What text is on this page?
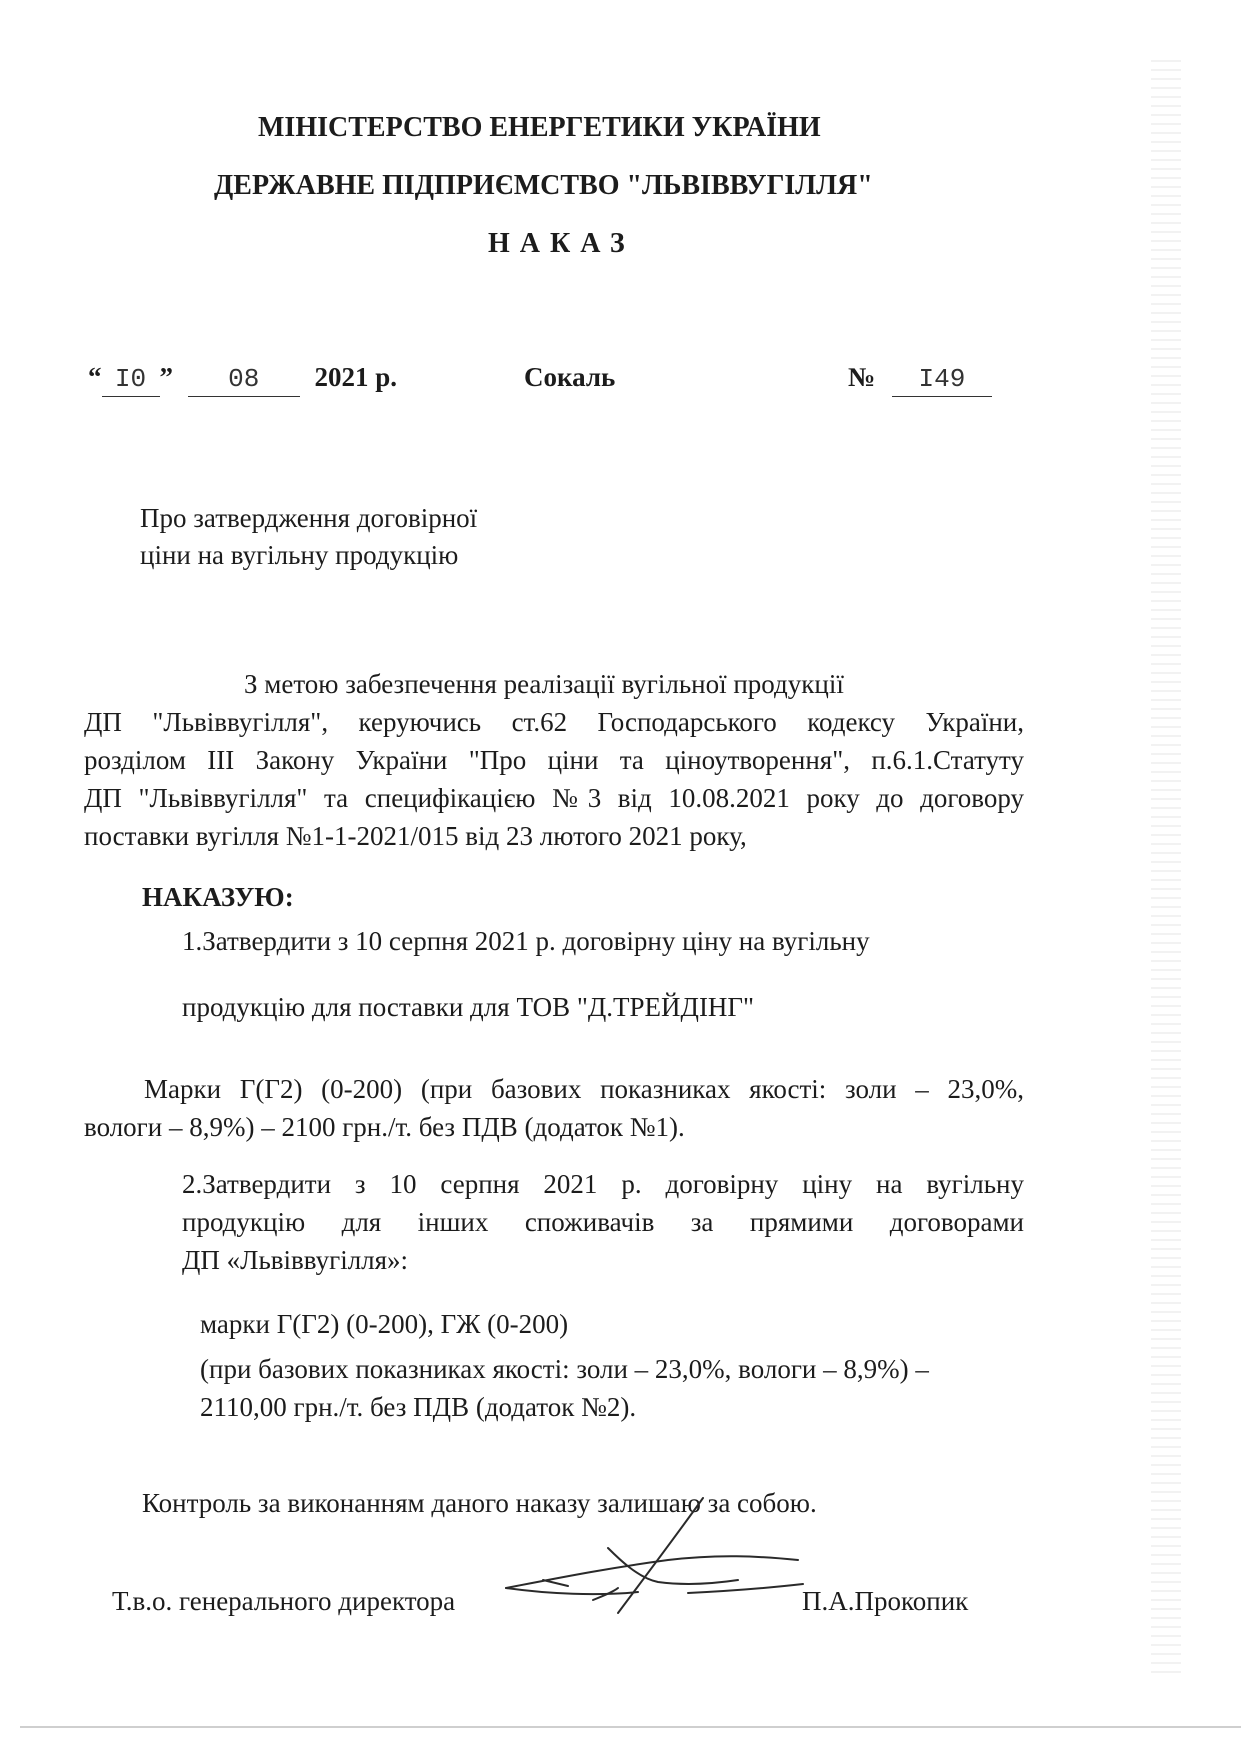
МІНІСТЕРСТВО ЕНЕРГЕТИКИ УКРАЇНИ

ДЕРЖАВНЕ ПІДПРИЄМСТВО "ЛЬВІВВУГІЛЛЯ"

НАКАЗ

“ I0 ” 08 2021 р.	Сокаль	№ I49
Про затвердження договірної
ціни на вугільну продукцію
З метою забезпечення реалізації вугільної продукції
ДП "Львіввугілля", керуючись ст.62 Господарського кодексу України,
розділом III Закону України "Про ціни та ціноутворення", п.6.1.Статуту
ДП "Львіввугілля" та специфікацією №3 від 10.08.2021 року до договору
поставки вугілля №1-1-2021/015 від 23 лютого 2021 року,
НАКАЗУЮ:
1.Затвердити з 10 серпня 2021 р. договірну ціну на вугільну
продукцію для поставки для ТОВ "Д.ТРЕЙДІНГ"
Марки Г(Г2) (0-200) (при базових показниках якості: золи – 23,0%,
вологи – 8,9%) – 2100 грн./т. без ПДВ (додаток №1).
2.Затвердити з 10 серпня 2021 р. договірну ціну на вугільну
продукцію для інших споживачів за прямими договорами
ДП «Львіввугілля»:
марки Г(Г2) (0-200), ГЖ (0-200)
(при базових показниках якості: золи – 23,0%, вологи – 8,9%) –
2110,00 грн./т. без ПДВ (додаток №2).
Контроль за виконанням даного наказу залишаю за собою.
Т.в.о. генерального директора	П.А.Прокопик
